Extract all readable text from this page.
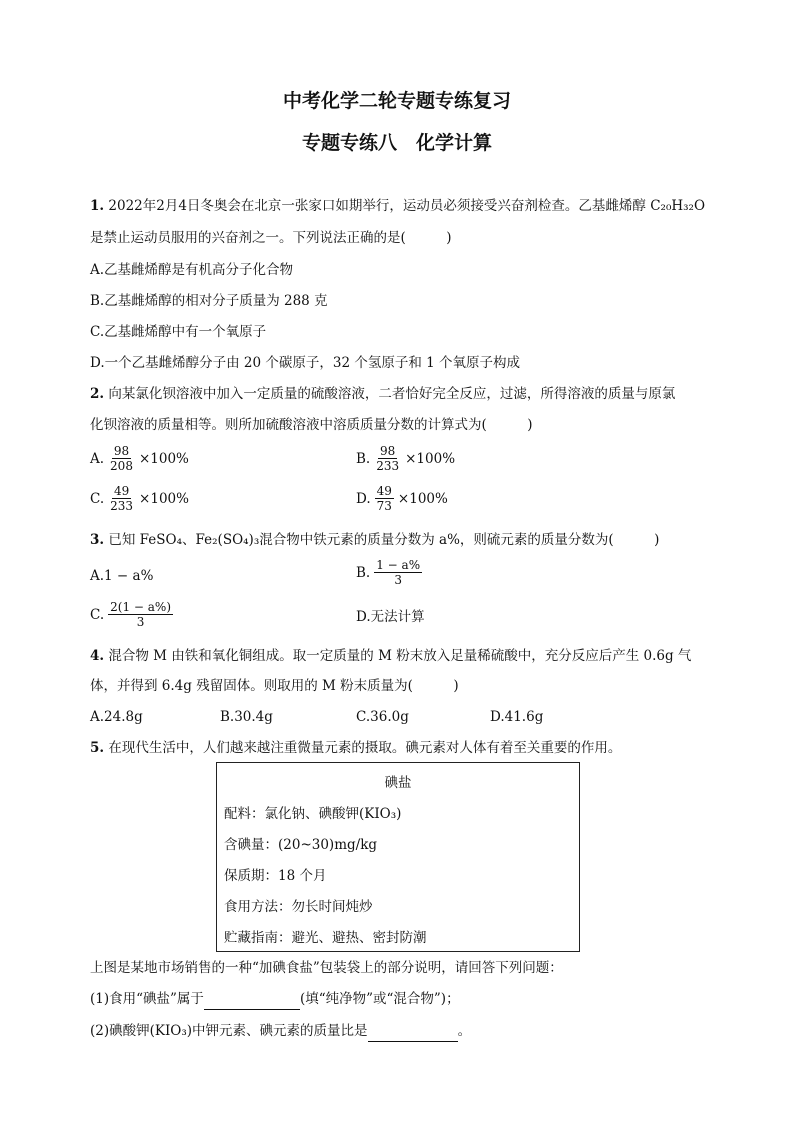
中考化学二轮专题专练复习
专题专练八　化学计算
1. 2022年2月4日冬奥会在北京一张家口如期举行，运动员必须接受兴奋剂检查。乙基雌烯醇 C₂₀H₃₂O
是禁止运动员服用的兴奋剂之一。下列说法正确的是(　　　)
A.乙基雌烯醇是有机高分子化合物
B.乙基雌烯醇的相对分子质量为 288 克
C.乙基雌烯醇中有一个氧原子
D.一个乙基雌烯醇分子由 20 个碳原子，32 个氢原子和 1 个氧原子构成
2. 向某氯化钡溶液中加入一定质量的硫酸溶液，二者恰好完全反应，过滤，所得溶液的质量与原氯
化钡溶液的质量相等。则所加硫酸溶液中溶质质量分数的计算式为(　　　)
A. $\frac{98}{208} \times 100\%$	B. $\frac{98}{233} \times 100\%$
C. $\frac{49}{233} \times 100\%$	D. $\frac{49}{73} \times 100\%$
3. 已知 FeSO₄、Fe₂(SO₄)₃混合物中铁元素的质量分数为 a%，则硫元素的质量分数为(　　　)
A.1 − a%	B. $\frac{1 - a\%}{3}$
C. $\frac{2(1 - a\%)}{3}$	D.无法计算
4. 混合物 M 由铁和氧化铜组成。取一定质量的 M 粉末放入足量稀硫酸中，充分反应后产生 0.6g 气
体，并得到 6.4g 残留固体。则取用的 M 粉末质量为(　　　)
A.24.8g	B.30.4g	C.36.0g	D.41.6g
5. 在现代生活中，人们越来越注重微量元素的摄取。碘元素对人体有着至关重要的作用。
碘盐
配料：氯化钠、碘酸钾(KIO₃)
含碘量：(20~30)mg/kg
保质期：18 个月
食用方法：勿长时间炖炒
贮藏指南：避光、避热、密封防潮
上图是某地市场销售的一种“加碘食盐”包装袋上的部分说明，请回答下列问题：
(1)食用“碘盐”属于	(填“纯净物”或“混合物”)；
(2)碘酸钾(KIO₃)中钾元素、碘元素的质量比是	。
